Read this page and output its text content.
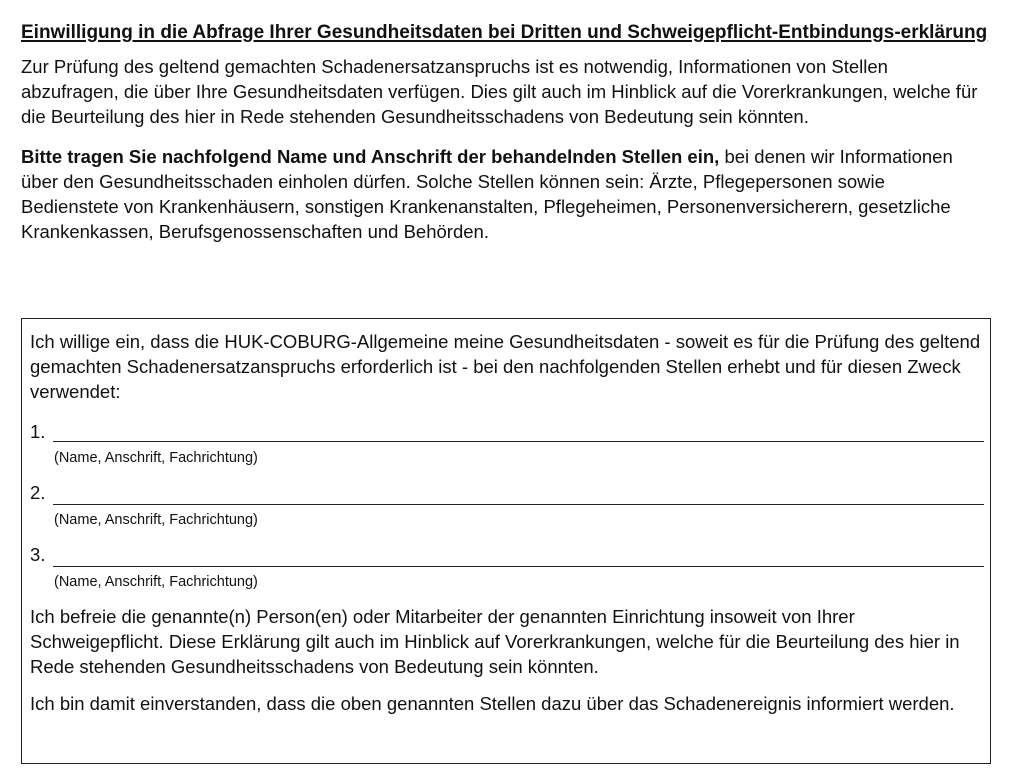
Einwilligung in die Abfrage Ihrer Gesundheitsdaten bei Dritten und Schweigepflicht-Entbindungs-erklärung

Zur Prüfung des geltend gemachten Schadenersatzanspruchs ist es notwendig, Informationen von Stellen abzufragen, die über Ihre Gesundheitsdaten verfügen. Dies gilt auch im Hinblick auf die Vorerkrankungen, welche für die Beurteilung des hier in Rede stehenden Gesundheitsschadens von Bedeutung sein könnten.

Bitte tragen Sie nachfolgend Name und Anschrift der behandelnden Stellen ein, bei denen wir Informationen über den Gesundheitsschaden einholen dürfen. Solche Stellen können sein: Ärzte, Pflegepersonen sowie Bedienstete von Krankenhäusern, sonstigen Krankenanstalten, Pflegeheimen, Personenversicherern, gesetzliche Krankenkassen, Berufsgenossenschaften und Behörden.

Ich willige ein, dass die HUK-COBURG-Allgemeine meine Gesundheitsdaten - soweit es für die Prüfung des geltend gemachten Schadenersatzanspruchs erforderlich ist - bei den nachfolgenden Stellen erhebt und für diesen Zweck verwendet:

1.
(Name, Anschrift, Fachrichtung)
2.
(Name, Anschrift, Fachrichtung)
3.
(Name, Anschrift, Fachrichtung)

Ich befreie die genannte(n) Person(en) oder Mitarbeiter der genannten Einrichtung insoweit von Ihrer Schweigepflicht. Diese Erklärung gilt auch im Hinblick auf Vorerkrankungen, welche für die Beurteilung des hier in Rede stehenden Gesundheitsschadens von Bedeutung sein könnten.

Ich bin damit einverstanden, dass die oben genannten Stellen dazu über das Schadenereignis informiert werden.
